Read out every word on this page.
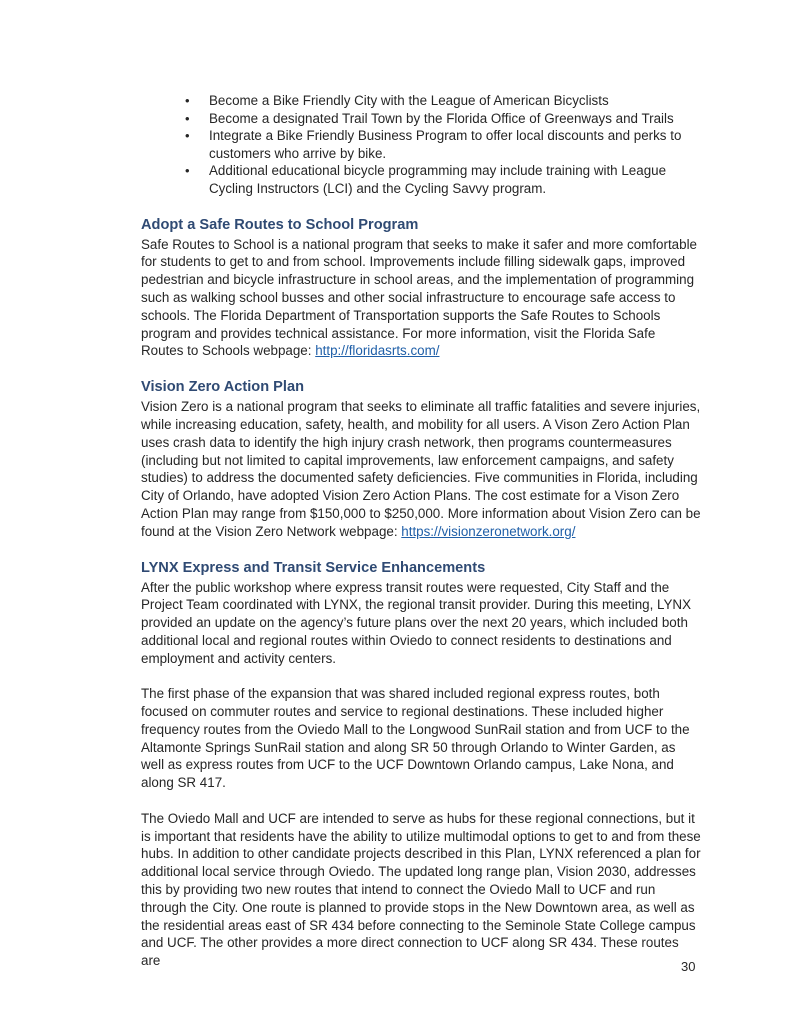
• Become a Bike Friendly City with the League of American Bicyclists
• Become a designated Trail Town by the Florida Office of Greenways and Trails
• Integrate a Bike Friendly Business Program to offer local discounts and perks to customers who arrive by bike.
• Additional educational bicycle programming may include training with League Cycling Instructors (LCI) and the Cycling Savvy program.
Adopt a Safe Routes to School Program

Safe Routes to School is a national program that seeks to make it safer and more comfortable for students to get to and from school. Improvements include filling sidewalk gaps, improved pedestrian and bicycle infrastructure in school areas, and the implementation of programming such as walking school busses and other social infrastructure to encourage safe access to schools. The Florida Department of Transportation supports the Safe Routes to Schools program and provides technical assistance. For more information, visit the Florida Safe Routes to Schools webpage: http://floridasrts.com/

Vision Zero Action Plan

Vision Zero is a national program that seeks to eliminate all traffic fatalities and severe injuries, while increasing education, safety, health, and mobility for all users. A Vison Zero Action Plan uses crash data to identify the high injury crash network, then programs countermeasures (including but not limited to capital improvements, law enforcement campaigns, and safety studies) to address the documented safety deficiencies. Five communities in Florida, including City of Orlando, have adopted Vision Zero Action Plans. The cost estimate for a Vison Zero Action Plan may range from $150,000 to $250,000. More information about Vision Zero can be found at the Vision Zero Network webpage: https://visionzeronetwork.org/

LYNX Express and Transit Service Enhancements

After the public workshop where express transit routes were requested, City Staff and the Project Team coordinated with LYNX, the regional transit provider. During this meeting, LYNX provided an update on the agency’s future plans over the next 20 years, which included both additional local and regional routes within Oviedo to connect residents to destinations and employment and activity centers.

The first phase of the expansion that was shared included regional express routes, both focused on commuter routes and service to regional destinations. These included higher frequency routes from the Oviedo Mall to the Longwood SunRail station and from UCF to the Altamonte Springs SunRail station and along SR 50 through Orlando to Winter Garden, as well as express routes from UCF to the UCF Downtown Orlando campus, Lake Nona, and along SR 417.

The Oviedo Mall and UCF are intended to serve as hubs for these regional connections, but it is important that residents have the ability to utilize multimodal options to get to and from these hubs. In addition to other candidate projects described in this Plan, LYNX referenced a plan for additional local service through Oviedo. The updated long range plan, Vision 2030, addresses this by providing two new routes that intend to connect the Oviedo Mall to UCF and run through the City. One route is planned to provide stops in the New Downtown area, as well as the residential areas east of SR 434 before connecting to the Seminole State College campus and UCF. The other provides a more direct connection to UCF along SR 434. These routes are	30
